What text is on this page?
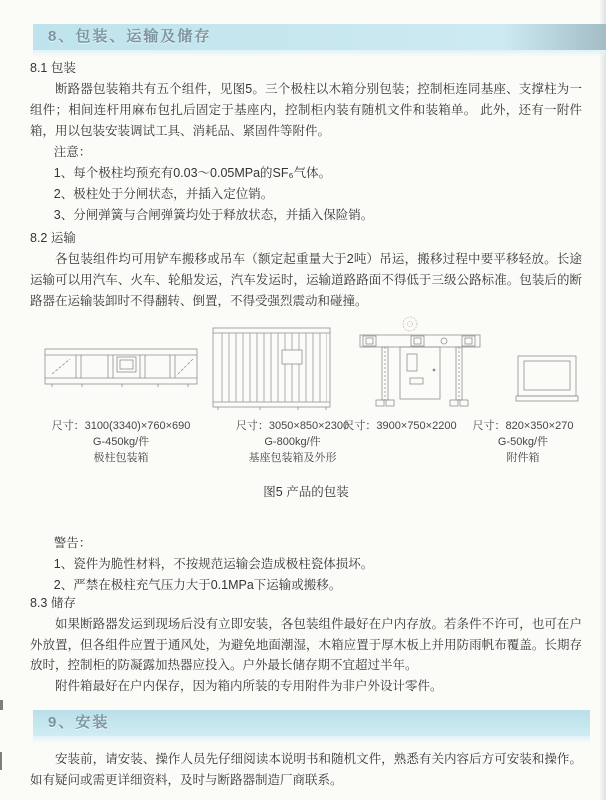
8、包装、运输及储存
8.1 包装

断路器包装箱共有五个组件，见图5。三个极柱以木箱分别包装；控制柜连同基座、支撑柱为一组件；相间连杆用麻布包扎后固定于基座内，控制柜内装有随机文件和装箱单。 此外，还有一附件箱，用以包装安装调试工具、消耗品、紧固件等附件。

注意：
1、每个极柱均预充有0.03～0.05MPa的SF₆气体。
2、极柱处于分闸状态，并插入定位销。
3、分闸弹簧与合闸弹簧均处于释放状态，并插入保险销。
8.2 运输

各包装组件均可用铲车搬移或吊车（额定起重量大于2吨）吊运，搬移过程中要平移轻放。长途运输可以用汽车、火车、轮船发运，汽车发运时，运输道路路面不得低于三级公路标准。包装后的断路器在运输装卸时不得翻转、倒置，不得受强烈震动和碰撞。

尺寸：3100(3340)×760×690
G-450kg/件
极柱包装箱
尺寸：3050×850×2300
G-800kg/件
基座包装箱及外形
尺寸：3900×750×2200	尺寸：820×350×270
G-50kg/件
附件箱
图5 产品的包装
警告：
1、瓷件为脆性材料，不按规范运输会造成极柱瓷体损坏。
2、严禁在极柱充气压力大于0.1MPa下运输或搬移。
8.3 储存

如果断路器发运到现场后没有立即安装，各包装组件最好在户内存放。若条件不许可，也可在户外放置，但各组件应置于通风处，为避免地面潮湿，木箱应置于厚木板上并用防雨帆布覆盖。长期存放时，控制柜的防凝露加热器应投入。户外最长储存期不宜超过半年。

附件箱最好在户内保存，因为箱内所装的专用附件为非户外设计零件。

9、安装

安装前，请安装、操作人员先仔细阅读本说明书和随机文件，熟悉有关内容后方可安装和操作。如有疑问或需更详细资料，及时与断路器制造厂商联系。
